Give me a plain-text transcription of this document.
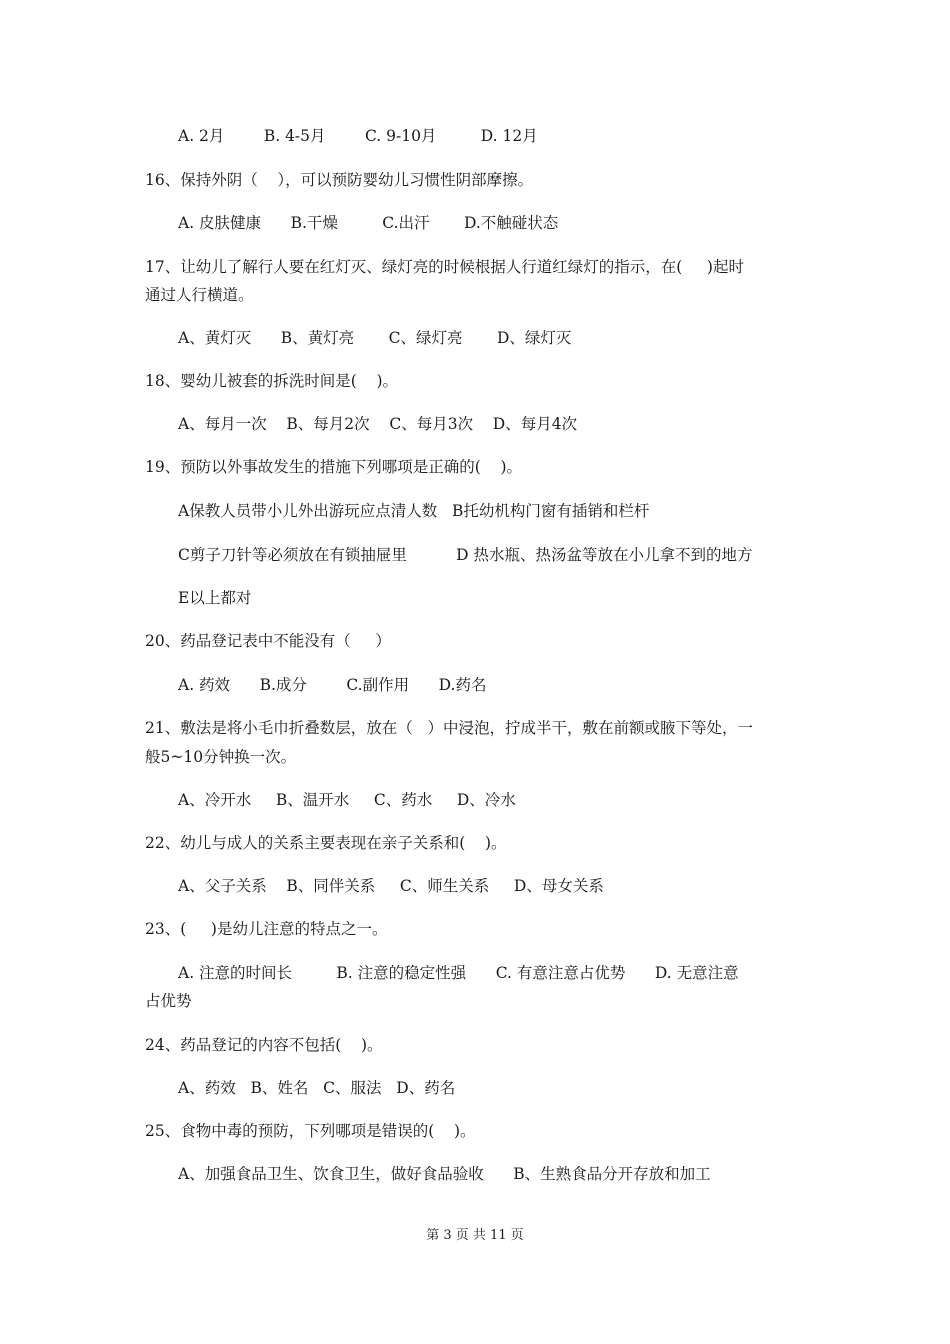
A. 2月        B. 4-5月        C. 9-10月         D. 12月
16、保持外阴（    ），可以预防婴幼儿习惯性阴部摩擦。
A. 皮肤健康      B.干燥         C.出汗       D.不触碰状态
17、让幼儿了解行人要在红灯灭、绿灯亮的时候根据人行道红绿灯的指示，在(     )起时
通过人行横道。
A、黄灯灭      B、黄灯亮       C、绿灯亮       D、绿灯灭
18、婴幼儿被套的拆洗时间是(    )。
A、每月一次    B、每月2次    C、每月3次    D、每月4次
19、预防以外事故发生的措施下列哪项是正确的(    )。
A保教人员带小儿外出游玩应点清人数   B托幼机构门窗有插销和栏杆
C剪子刀针等必须放在有锁抽屉里          D 热水瓶、热汤盆等放在小儿拿不到的地方
E以上都对
20、药品登记表中不能没有（     ）
A. 药效      B.成分        C.副作用      D.药名
21、敷法是将小毛巾折叠数层，放在（   ）中浸泡，拧成半干，敷在前额或腋下等处，一
般5~10分钟换一次。
A、冷开水     B、温开水     C、药水     D、冷水
22、幼儿与成人的关系主要表现在亲子关系和(    )。
A、父子关系    B、同伴关系     C、师生关系     D、母女关系
23、(     )是幼儿注意的特点之一。
A. 注意的时间长         B. 注意的稳定性强      C. 有意注意占优势      D. 无意注意
占优势
24、药品登记的内容不包括(    )。
A、药效   B、姓名   C、服法   D、药名
25、食物中毒的预防，下列哪项是错误的(    )。
A、加强食品卫生、饮食卫生，做好食品验收      B、生熟食品分开存放和加工
第 3 页 共 11 页
